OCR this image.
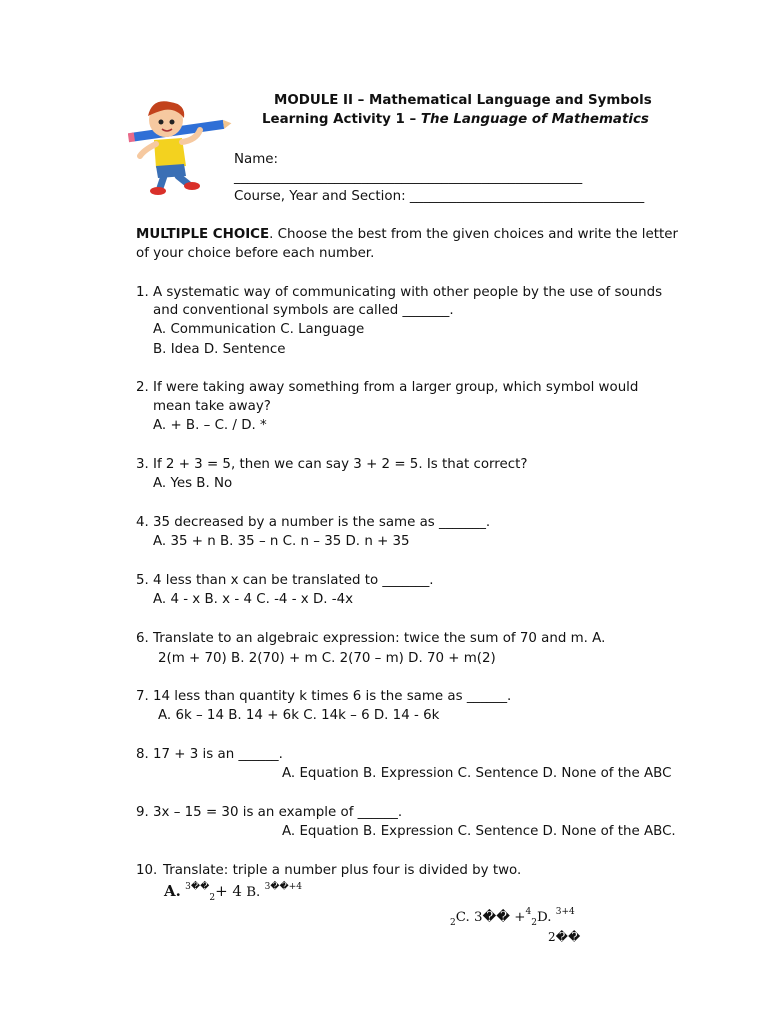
MODULE II – Mathematical Language and Symbols
Learning Activity 1 – The Language of Mathematics
Name:
____________________________________________________
Course, Year and Section: ___________________________________
MULTIPLE CHOICE. Choose the best from the given choices and write the letter
of your choice before each number.
1. A systematic way of communicating with other people by the use of sounds
and conventional symbols are called _______.
A. Communication C. Language
B. Idea D. Sentence
2. If were taking away something from a larger group, which symbol would
mean take away?
A. + B. – C. / D. *
3. If 2 + 3 = 5, then we can say 3 + 2 = 5. Is that correct?
A. Yes B. No
4. 35 decreased by a number is the same as _______.
A. 35 + n B. 35 – n C. n – 35 D. n + 35
5. 4 less than x can be translated to _______.
A. 4 - x B. x - 4 C. -4 - x D. -4x
6. Translate to an algebraic expression: twice the sum of 70 and m. A.
2(m + 70) B. 2(70) + m C. 2(70 – m) D. 70 + m(2)
7. 14 less than quantity k times 6 is the same as ______.
A. 6k – 14 B. 14 + 6k C. 14k – 6 D. 14 - 6k
8. 17 + 3 is an ______.
A. Equation B. Expression C. Sentence D. None of the ABC
9. 3x – 15 = 30 is an example of ______.
A. Equation B. Expression C. Sentence D. None of the ABC.
10. Translate: triple a number plus four is divided by two.
A. $^{3��}_2$+ 4 B. $^{3��+4}$
$_2$C. 3�� +$^4_2$D. $^{3+4}$
2��
